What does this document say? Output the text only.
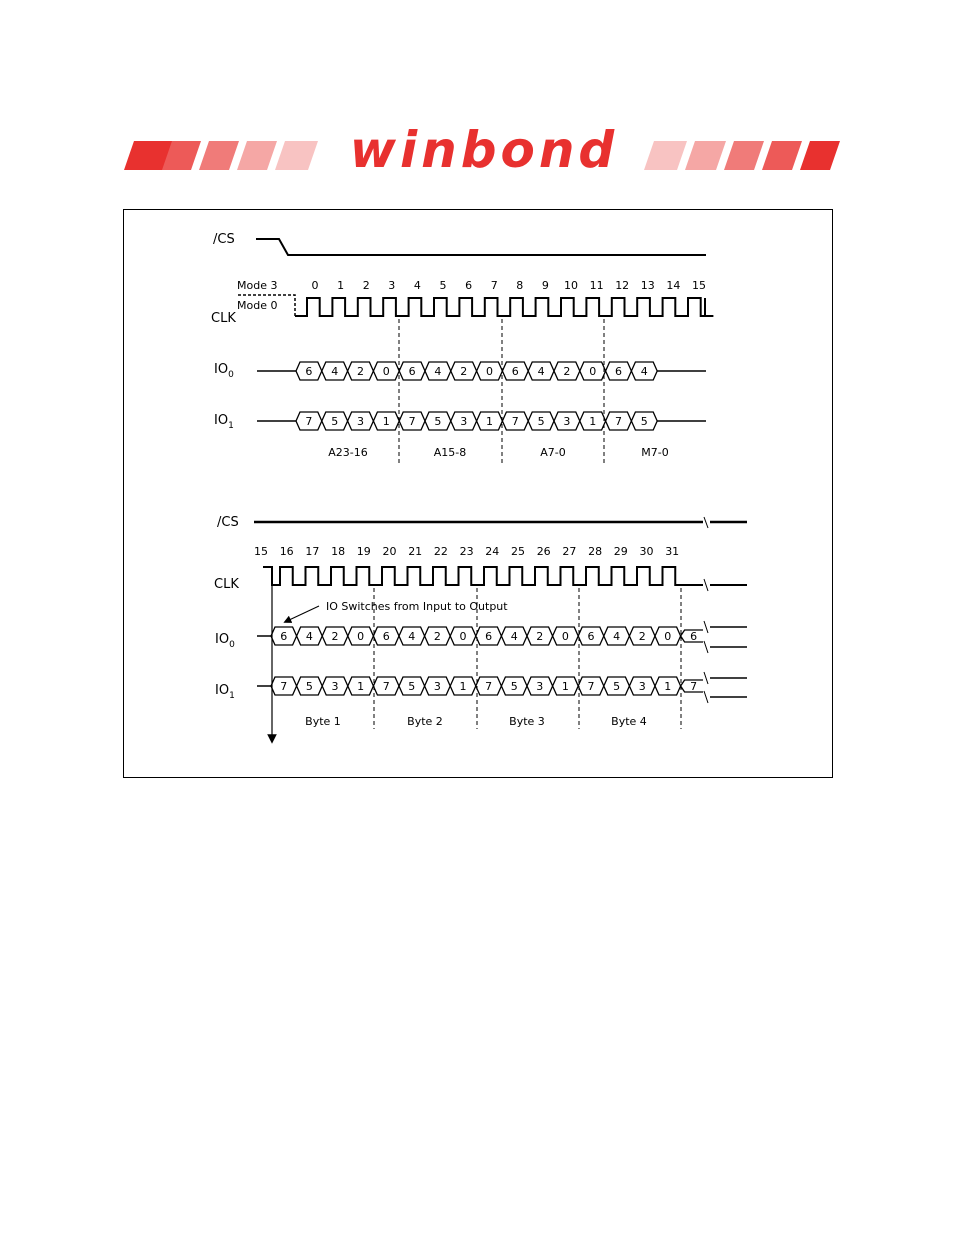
winbond
/CS
Mode 3
Mode 0
CLK
0 1 2 3 4 5 6 7 8 9 10 11 12 13 14 15
$IO_0$
$IO_1$
6 4 2 0 6 4 2 0 6 4 2 0 6 4
7 5 3 1 7 5 3 1 7 5 3 1 7 5
A23-16	A15-8	A7-0	M7-0
/CS
CLK
15 16 17 18 19 20 21 22 23 24 25 26 27 28 29 30 31
IO Switches from Input to Output
$IO_0$
$IO_1$
6 4 2 0 6 4 2 0 6 4 2 0 6 4 2 0 6
7 5 3 1 7 5 3 1 7 5 3 1 7 5 3 1 7
Byte 1	Byte 2	Byte 3	Byte 4
